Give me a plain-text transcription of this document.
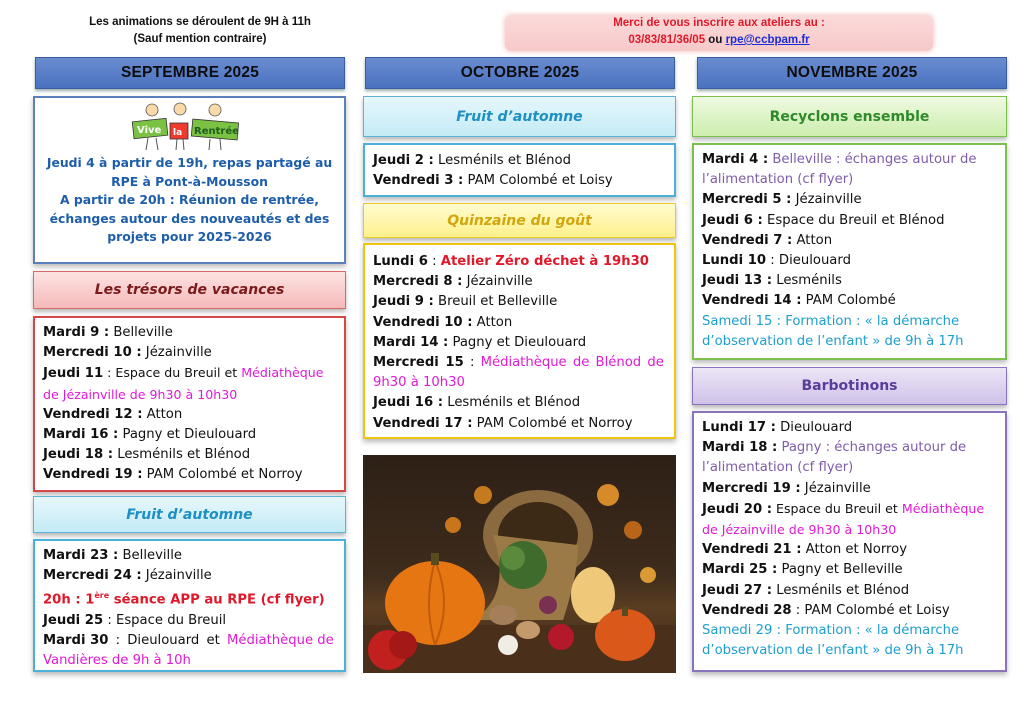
Les animations se déroulent de 9H à 11h
(Sauf mention contraire)
Merci de vous inscrire aux ateliers au :
03/83/81/36/05 ou rpe@ccbpam.fr
SEPTEMBRE 2025	OCTOBRE 2025	NOVEMBRE 2025
Vive la Rentrée
Jeudi 4 à partir de 19h, repas partagé au
RPE à Pont-à-Mousson
A partir de 20h : Réunion de rentrée,
échanges autour des nouveautés et des
projets pour 2025-2026
Les trésors de vacances
Mardi 9 : Belleville
Mercredi 10 : Jézainville
Jeudi 11 : Espace du Breuil et Médiathèque
de Jézainville de 9h30 à 10h30
Vendredi 12 : Atton
Mardi 16 : Pagny et Dieulouard
Jeudi 18 : Lesménils et Blénod
Vendredi 19 : PAM Colombé et Norroy
Fruit d’automne
Mardi 23 : Belleville
Mercredi 24 : Jézainville
20h : 1ère séance APP au RPE (cf flyer)
Jeudi 25 : Espace du Breuil
Mardi 30 : Dieulouard et Médiathèque de
Vandières de 9h à 10h
Fruit d’automne
Jeudi 2 : Lesménils et Blénod
Vendredi 3 : PAM Colombé et Loisy
Quinzaine du goût
Lundi 6 : Atelier Zéro déchet à 19h30
Mercredi 8 : Jézainville
Jeudi 9 : Breuil et Belleville
Vendredi 10 : Atton
Mardi 14 : Pagny et Dieulouard
Mercredi 15 : Médiathèque de Blénod de
9h30 à 10h30
Jeudi 16 : Lesménils et Blénod
Vendredi 17 : PAM Colombé et Norroy
Recyclons ensemble
Mardi 4 : Belleville : échanges autour de
l’alimentation (cf flyer)
Mercredi 5 : Jézainville
Jeudi 6 : Espace du Breuil et Blénod
Vendredi 7 : Atton
Lundi 10 : Dieulouard
Jeudi 13 : Lesménils
Vendredi 14 : PAM Colombé
Samedi 15 : Formation : « la démarche
d’observation de l’enfant » de 9h à 17h
Barbotinons
Lundi 17 : Dieulouard
Mardi 18 : Pagny : échanges autour de
l’alimentation (cf flyer)
Mercredi 19 : Jézainville
Jeudi 20 : Espace du Breuil et Médiathèque
de Jézainville de 9h30 à 10h30
Vendredi 21 : Atton et Norroy
Mardi 25 : Pagny et Belleville
Jeudi 27 : Lesménils et Blénod
Vendredi 28 : PAM Colombé et Loisy
Samedi 29 : Formation : « la démarche
d’observation de l’enfant » de 9h à 17h
